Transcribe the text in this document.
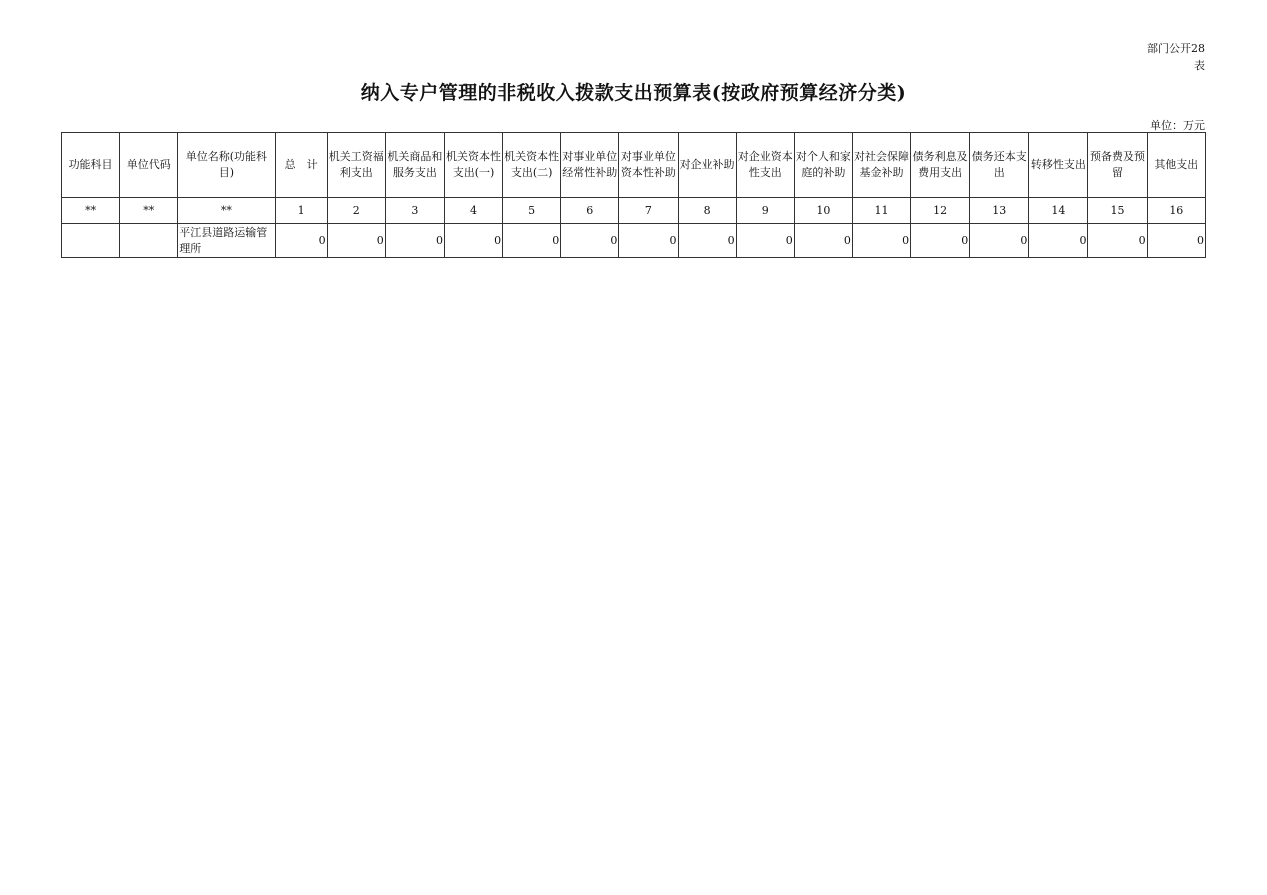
部门公开28
表
纳入专户管理的非税收入拨款支出预算表(按政府预算经济分类)
单位：万元
功能科目	单位代码	单位名称(功能科目)	总　计	机关工资福利支出	机关商品和服务支出	机关资本性支出(一)	机关资本性支出(二)	对事业单位经常性补助	对事业单位资本性补助	对企业补助	对企业资本性支出	对个人和家庭的补助	对社会保障基金补助	债务利息及费用支出	债务还本支出	转移性支出	预备费及预留	其他支出
**	**	**	1	2	3	4	5	6	7	8	9	10	11	12	13	14	15	16
		平江县道路运输管理所	0	0	0	0	0	0	0	0	0	0	0	0	0	0	0	0
